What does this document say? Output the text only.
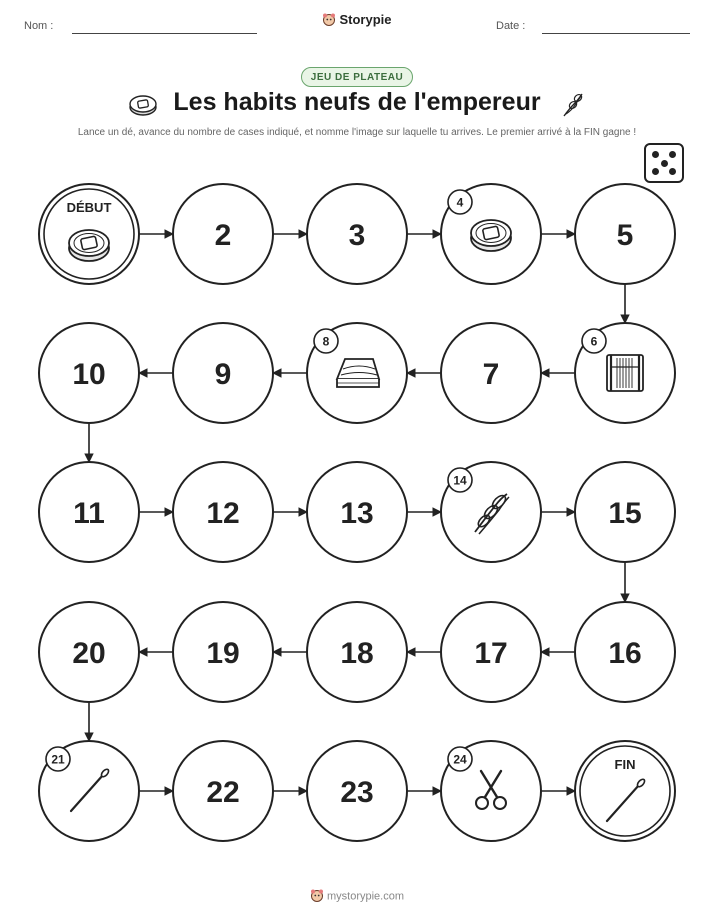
Nom :	Storypie	Date :
JEU DE PLATEAU
Les habits neufs de l'empereur
Lance un dé, avance du nombre de cases indiqué, et nomme l'image sur laquelle tu arrives. Le premier arrivé à la FIN gagne !
DÉBUT
2	3
4
5
6
7
8
9
10
11	12	13
14
15
16
17
18
19
20
21
22	23
24	FIN
mystorypie.com
